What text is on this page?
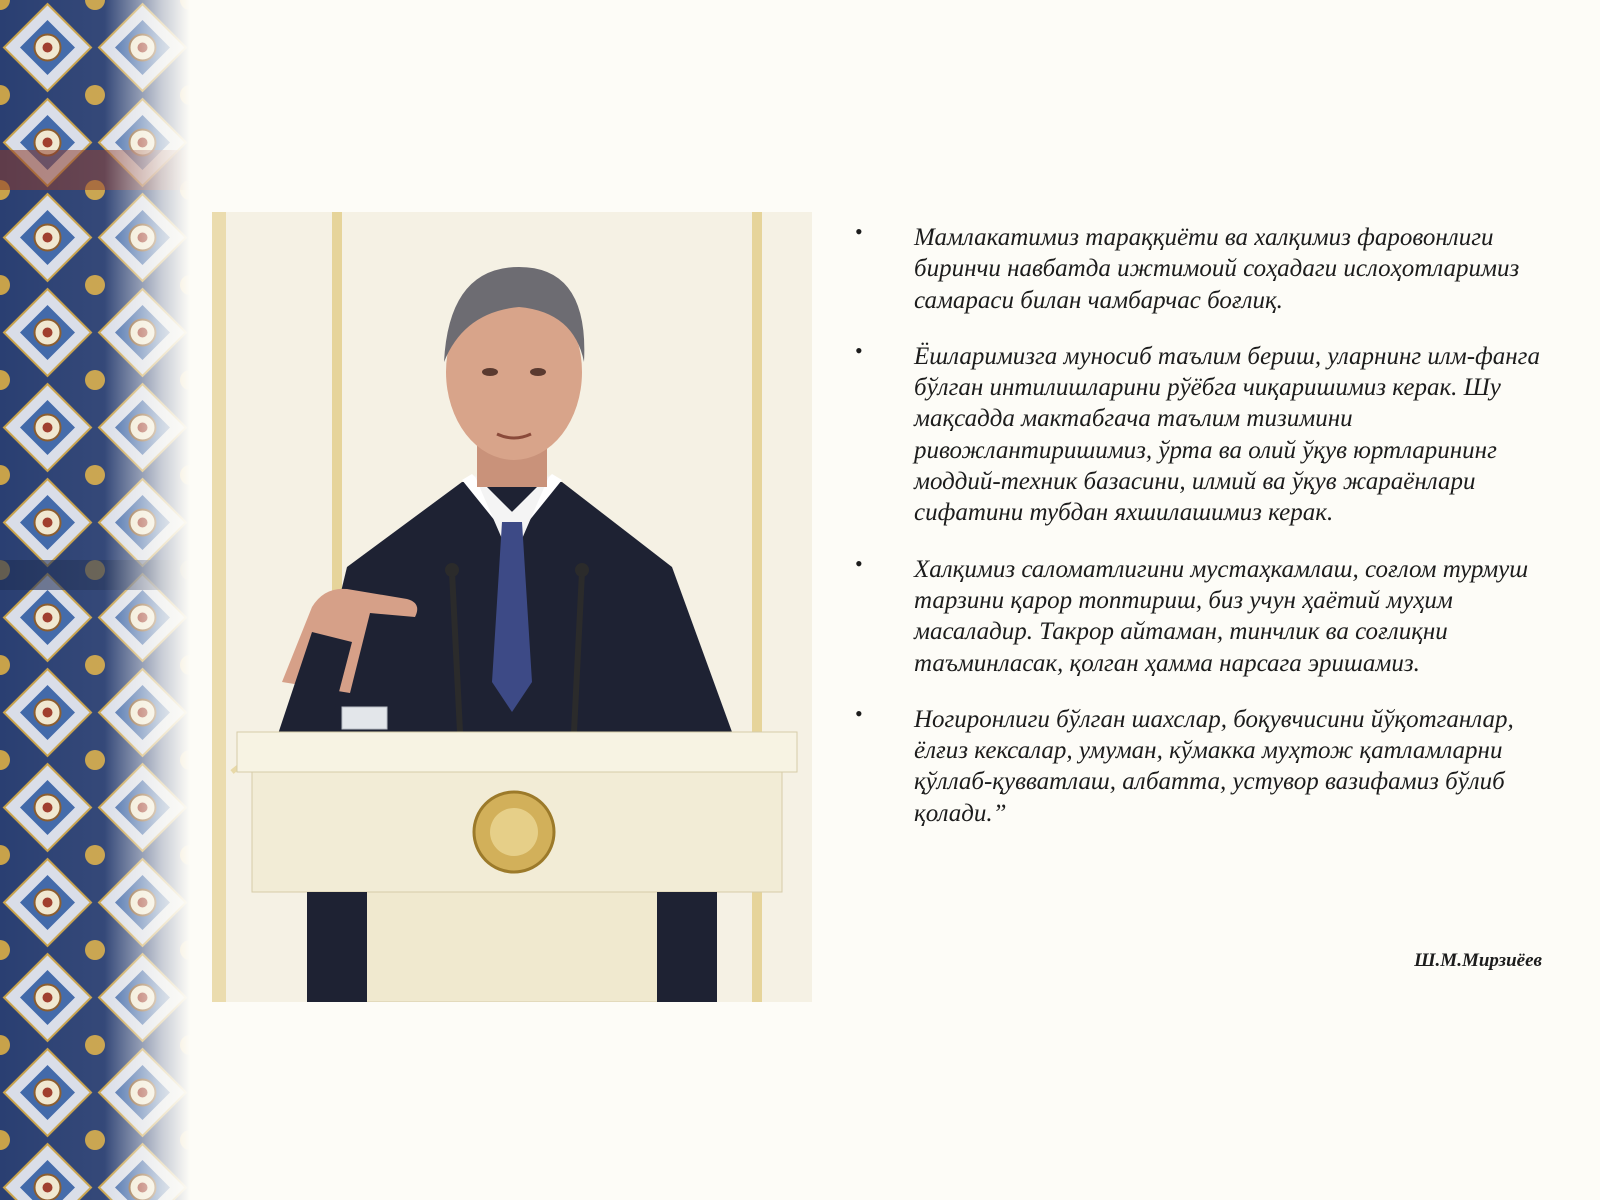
• Мамлакатимиз тараққиёти ва халқимиз фаровонлиги биринчи навбатда ижтимоий соҳадаги ислоҳотларимиз самараси билан чамбарчас боғлиқ.
• Ёшларимизга муносиб таълим бериш, уларнинг илм-фанга бўлган интилишларини рўёбга чиқаришимиз керак. Шу мақсадда мактабгача таълим тизимини ривожлантиришимиз, ўрта ва олий ўқув юртларининг моддий-техник базасини, илмий ва ўқув жараёнлари сифатини тубдан яхшилашимиз керак.
• Халқимиз саломатлигини мустаҳкамлаш, соғлом турмуш тарзини қарор топтириш, биз учун ҳаётий муҳим масаладир. Такрор айтаман, тинчлик ва соғлиқни таъминласак, қолган ҳамма нарсага эришамиз.
• Ногиронлиги бўлган шахслар, боқувчисини йўқотганлар, ёлғиз кексалар, умуман, кўмакка муҳтож қатламларни қўллаб-қувватлаш, албатта, устувор вазифамиз бўлиб қолади.”
Ш.М.Мирзиёев
